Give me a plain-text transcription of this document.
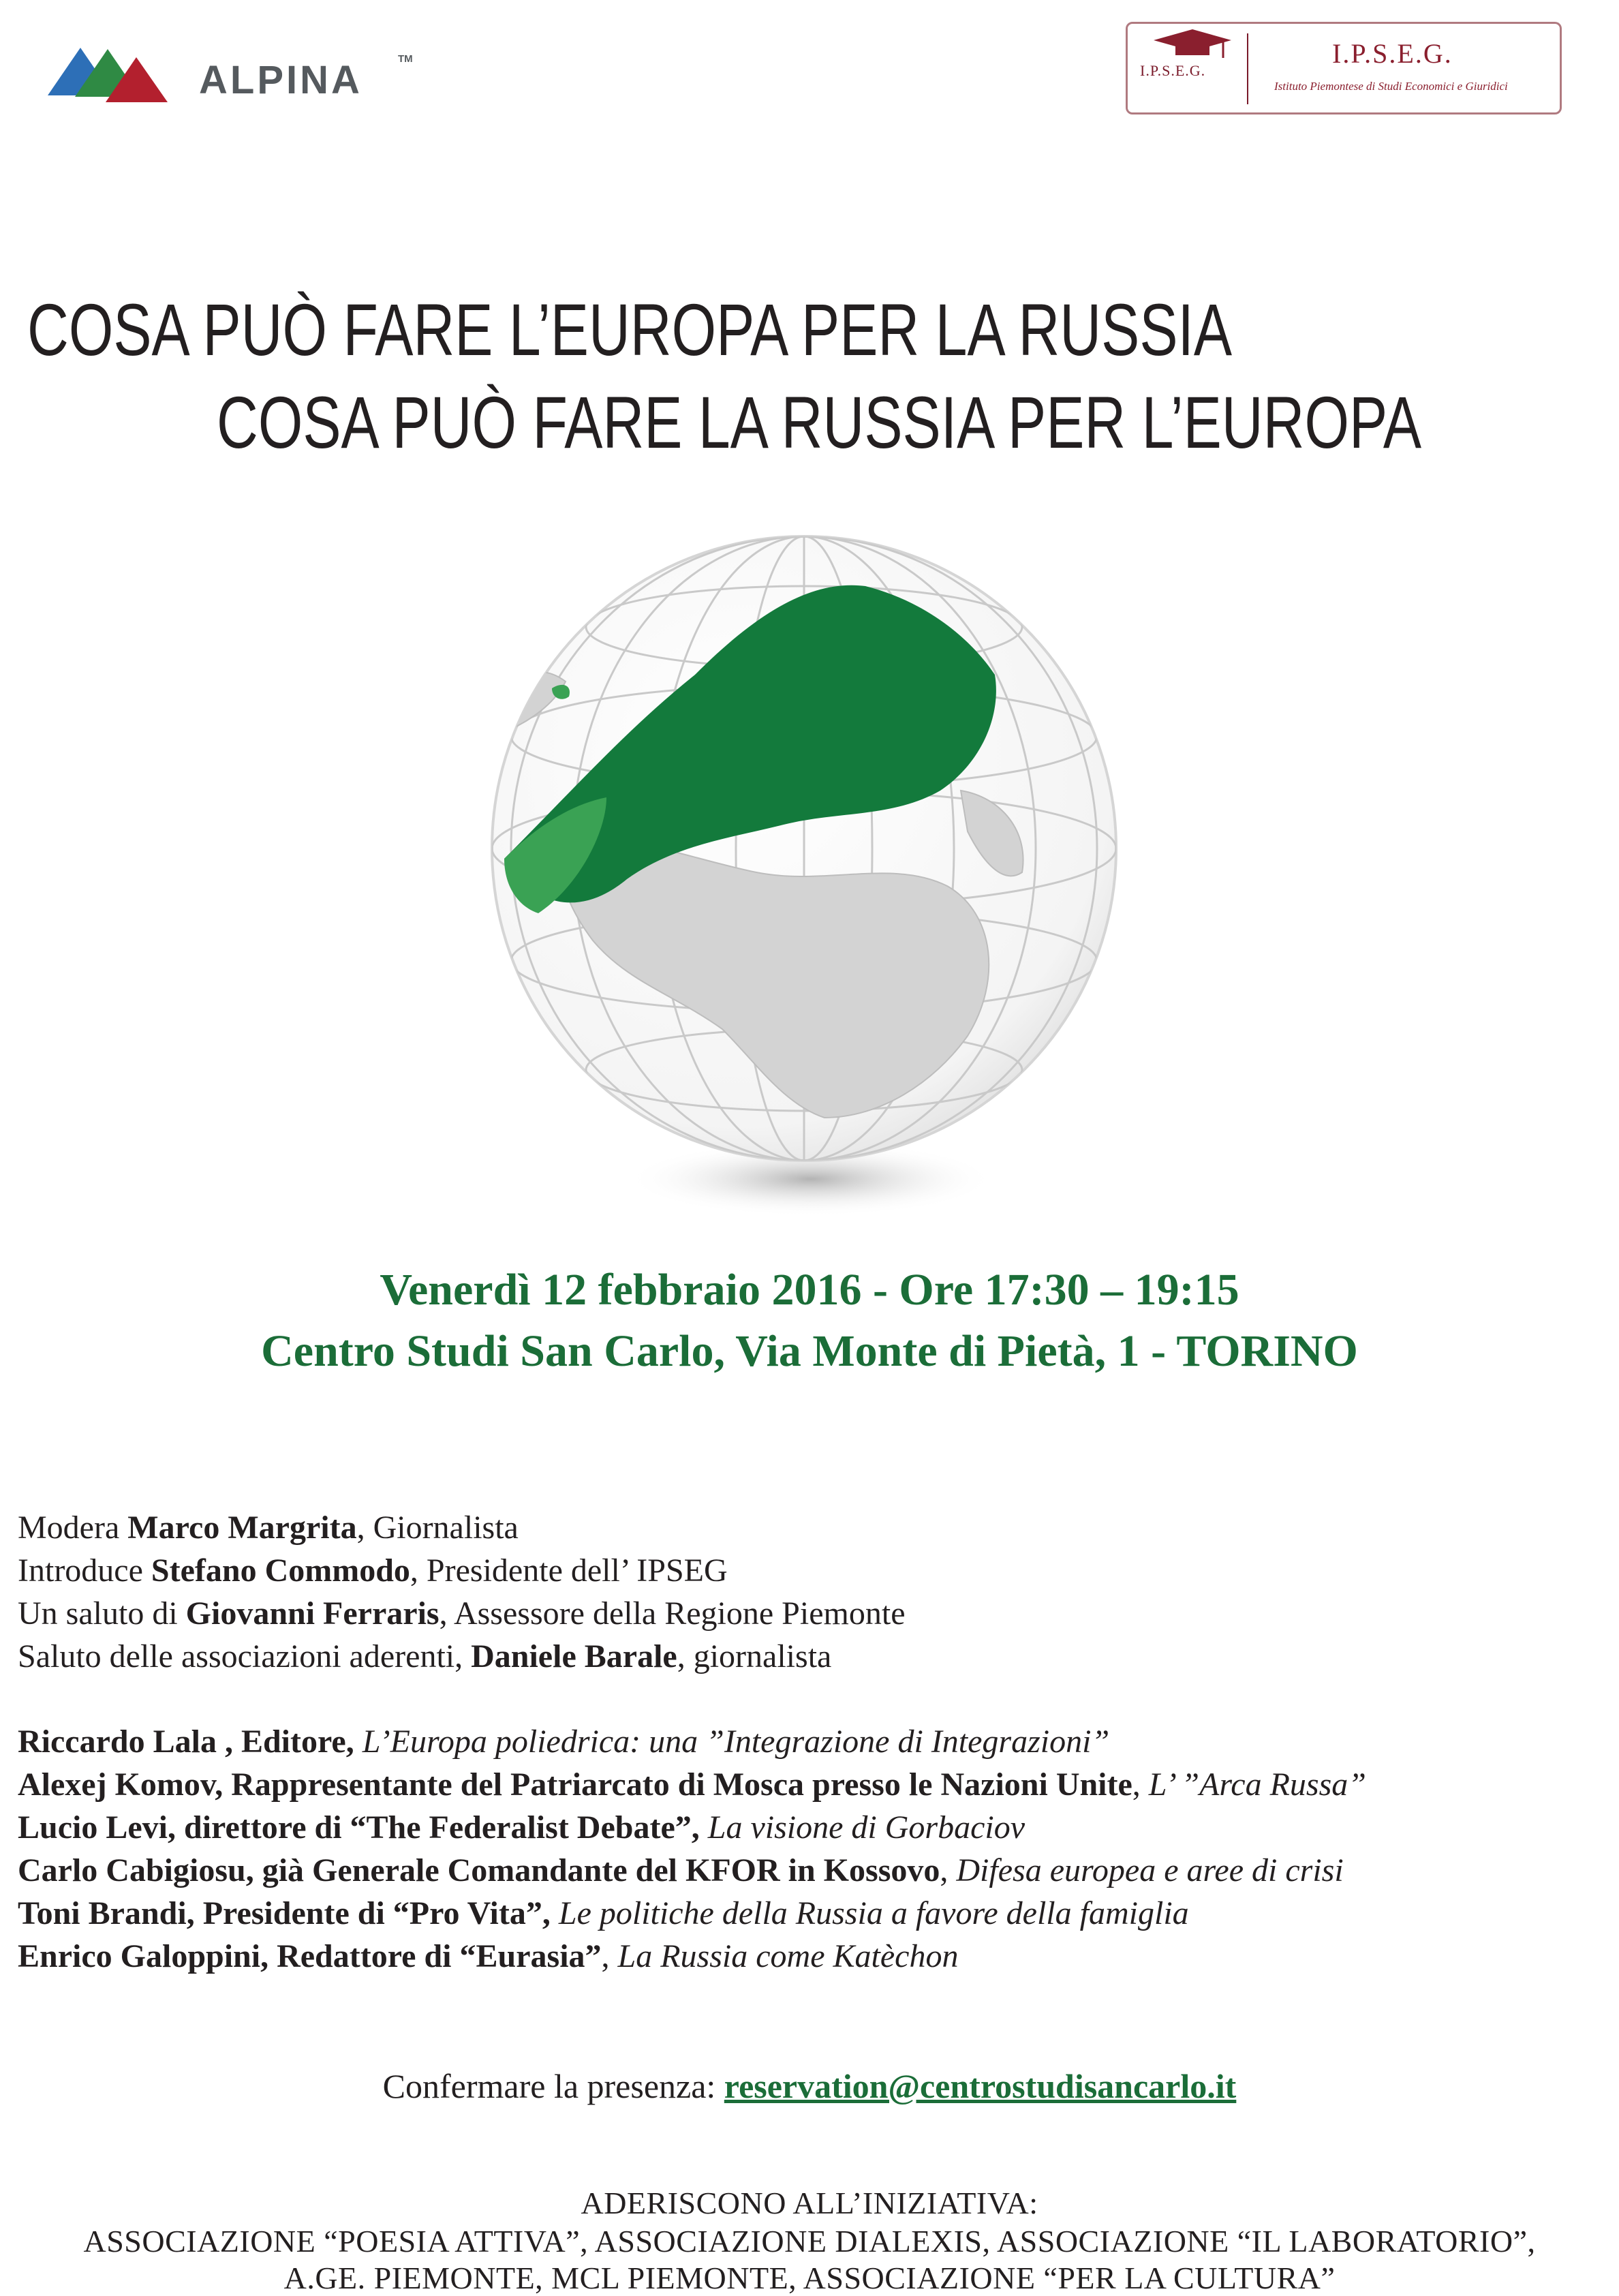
ALPINA	TM
I.P.S.E.G.
I.P.S.E.G.
Istituto Piemontese di Studi Economici e Giuridici
COSA PUÒ FARE L’EUROPA PER LA RUSSIA
COSA PUÒ FARE LA RUSSIA PER L’EUROPA
Venerdì 12 febbraio 2016 - Ore 17:30 – 19:15
Centro Studi San Carlo, Via Monte di Pietà, 1 - TORINO
Modera Marco Margrita, Giornalista
Introduce Stefano Commodo, Presidente dell’ IPSEG
Un saluto di Giovanni Ferraris, Assessore della Regione Piemonte
Saluto delle associazioni aderenti, Daniele Barale, giornalista
Riccardo Lala , Editore, L’Europa poliedrica: una ”Integrazione di Integrazioni”
Alexej Komov, Rappresentante del Patriarcato di Mosca presso le Nazioni Unite, L’ ”Arca Russa”
Lucio Levi, direttore di “The Federalist Debate”, La visione di Gorbaciov
Carlo Cabigiosu, già Generale Comandante del KFOR in Kossovo, Difesa europea e aree di crisi
Toni Brandi, Presidente di “Pro Vita”, Le politiche della Russia a favore della famiglia
Enrico Galoppini, Redattore di “Eurasia”, La Russia come Katèchon
Confermare la presenza: reservation@centrostudisancarlo.it
ADERISCONO ALL’INIZIATIVA:
ASSOCIAZIONE “POESIA ATTIVA”, ASSOCIAZIONE DIALEXIS, ASSOCIAZIONE “IL LABORATORIO”,
A.GE. PIEMONTE, MCL PIEMONTE, ASSOCIAZIONE “PER LA CULTURA”
